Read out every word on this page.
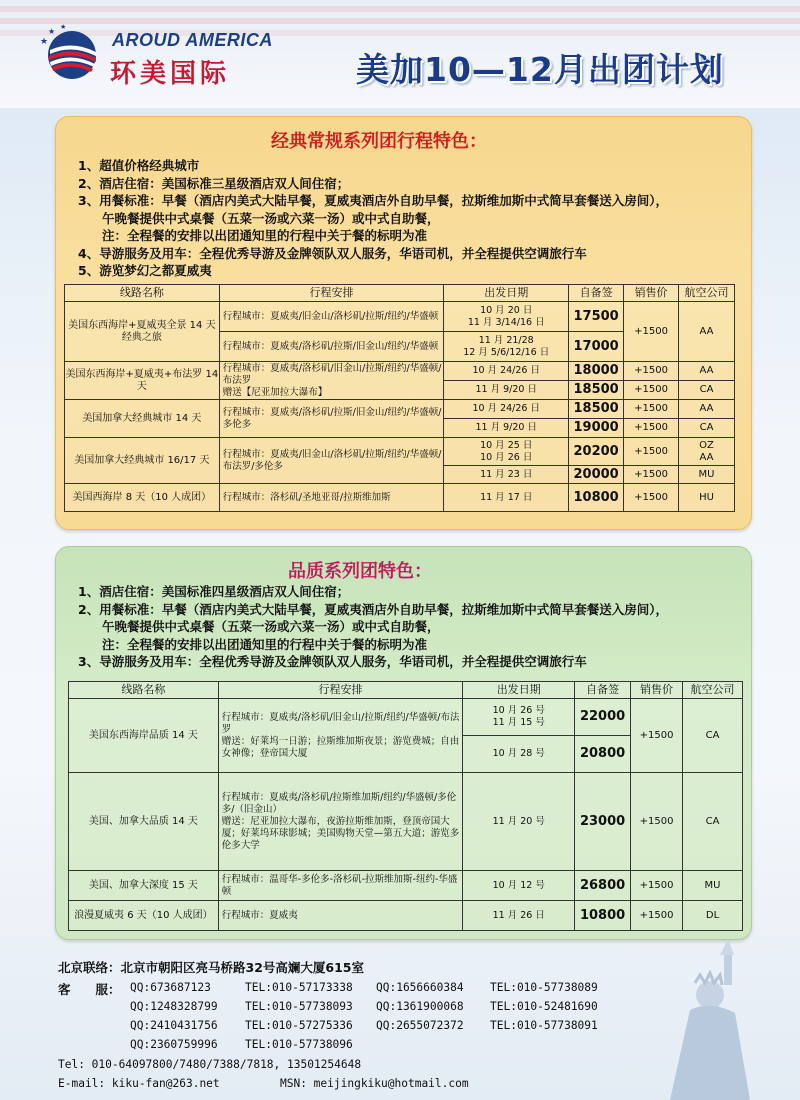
★
★ ★
AROUD AMERICA
环美国际	美加10—12月出团计划
经典常规系列团行程特色：
1、超值价格经典城市
2、酒店住宿：美国标准三星级酒店双人间住宿；
3、用餐标准：早餐（酒店内美式大陆早餐，夏威夷酒店外自助早餐，拉斯维加斯中式简早套餐送入房间），
午晚餐提供中式桌餐（五菜一汤或六菜一汤）或中式自助餐，
注：全程餐的安排以出团通知里的行程中关于餐的标明为准
4、导游服务及用车：全程优秀导游及金牌领队双人服务，华语司机，并全程提供空调旅行车
5、游览梦幻之都夏威夷
线路名称	行程安排	出发日期	自备签	销售价	航空公司
美国东西海岸+夏威夷全景 14 天经典之旅	行程城市：夏威夷/旧金山/洛杉矶/拉斯/纽约/华盛顿	10 月 20 日
11 月 3/14/16 日	17500	+1500	AA
	行程城市：夏威夷/洛杉矶/拉斯/旧金山/纽约/华盛顿	11 月 21/28
12 月 5/6/12/16 日	17000		
美国东西海岸+夏威夷+布法罗 14 天	行程城市：夏威夷/洛杉矶/旧金山/拉斯/纽约/华盛顿/布法罗
赠送【尼亚加拉大瀑布】	10 月 24/26 日	18000	+1500	AA
		11 月 9/20 日	18500	+1500	CA
美国加拿大经典城市 14 天	行程城市：夏威夷/洛杉矶/拉斯/旧金山/纽约/华盛顿/多伦多	10 月 24/26 日	18500	+1500	AA
		11 月 9/20 日	19000	+1500	CA
美国加拿大经典城市 16/17 天	行程城市：夏威夷/旧金山/洛杉矶/拉斯/纽约/华盛顿/布法罗/多伦多	10 月 25 日
10 月 26 日	20200	+1500	OZ
AA
		11 月 23 日	20000	+1500	MU
美国西海岸 8 天（10 人成团）	行程城市：洛杉矶/圣地亚哥/拉斯维加斯	11 月 17 日	10800	+1500	HU
品质系列团特色：
1、酒店住宿：美国标准四星级酒店双人间住宿；
2、用餐标准：早餐（酒店内美式大陆早餐，夏威夷酒店外自助早餐，拉斯维加斯中式简早套餐送入房间），
午晚餐提供中式桌餐（五菜一汤或六菜一汤）或中式自助餐，
注：全程餐的安排以出团通知里的行程中关于餐的标明为准
3、导游服务及用车：全程优秀导游及金牌领队双人服务，华语司机，并全程提供空调旅行车
线路名称	行程安排	出发日期	自备签	销售价	航空公司
美国东西海岸品质 14 天	行程城市：夏威夷/洛杉矶/旧金山/拉斯/纽约/华盛顿/布法罗
赠送：好莱坞一日游；拉斯维加斯夜景；游览费城；自由女神像；登帝国大厦	10 月 26 号
11 月 15 号	22000	+1500	CA
		10 月 28 号	20800		
美国、加拿大品质 14 天	行程城市：夏威夷/洛杉矶/拉斯维加斯/纽约/华盛顿/多伦多/（旧金山）
赠送：尼亚加拉大瀑布，夜游拉斯维加斯，登顶帝国大厦；好莱坞环球影城；美国购物天堂—第五大道；游览多伦多大学	11 月 20 号	23000	+1500	CA
美国、加拿大深度 15 天	行程城市：温哥华-多伦多-洛杉矶-拉斯维加斯-纽约-华盛顿	10 月 12 号	26800	+1500	MU
浪漫夏威夷 6 天（10 人成团）	行程城市：夏威夷	11 月 26 日	10800	+1500	DL
北京联络：北京市朝阳区亮马桥路32号高斓大厦615室
客　　服： QQ:673687123	TEL:010-57173338 QQ:1656660384 TEL:010-57738089
QQ:1248328799 TEL:010-57738093 QQ:1361900068 TEL:010-52481690
QQ:2410431756 TEL:010-57275336 QQ:2655072372 TEL:010-57738091
QQ:2360759996 TEL:010-57738096
Tel: 010-64097800/7480/7388/7818, 13501254648
E-mail: kiku-fan@263.net	MSN: meijingkiku@hotmail.com
